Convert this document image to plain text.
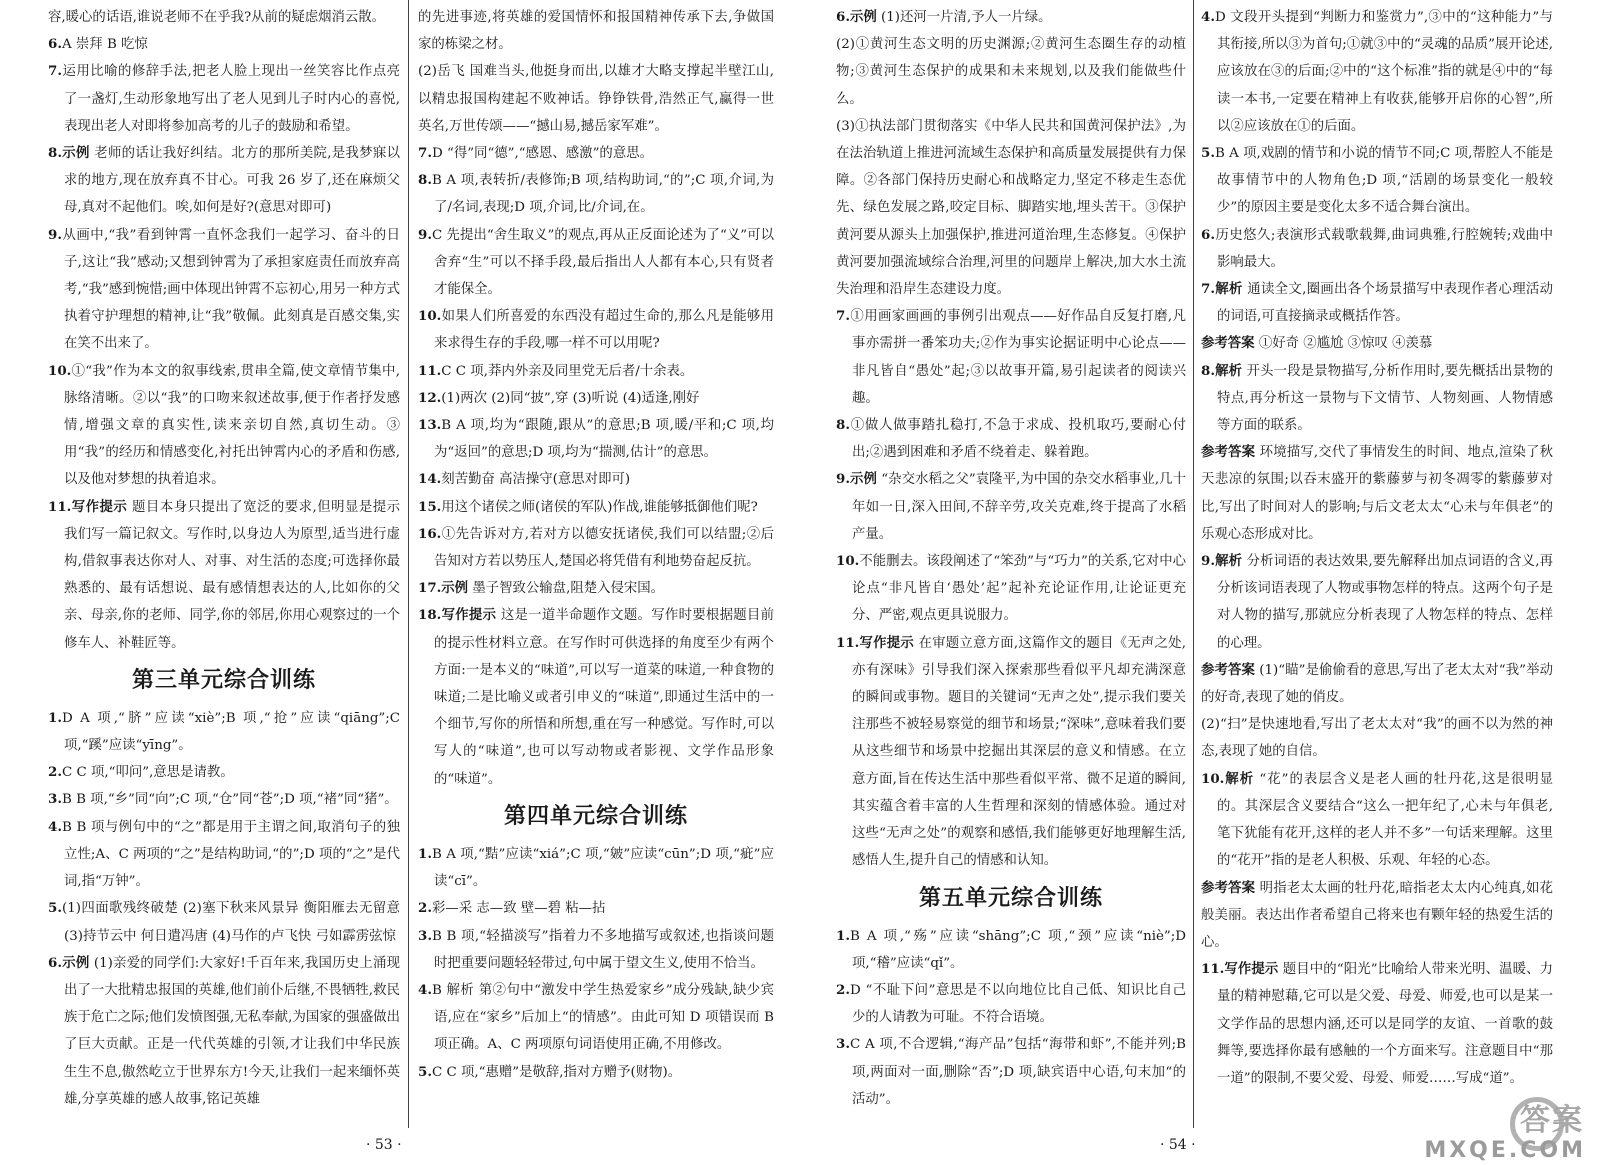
容,暖心的话语,谁说老师不在乎我?从前的疑虑烟消云散。
6.A 崇拜 B 吃惊
7.运用比喻的修辞手法,把老人脸上现出一丝笑容比作点亮了一盏灯,生动形象地写出了老人见到儿子时内心的喜悦,表现出老人对即将参加高考的儿子的鼓励和希望。
8.示例 老师的话让我好纠结。北方的那所美院,是我梦寐以求的地方,现在放弃真不甘心。可我 26 岁了,还在麻烦父母,真对不起他们。唉,如何是好?(意思对即可)
9.从画中,“我”看到钟霄一直怀念我们一起学习、奋斗的日子,这让“我”感动;又想到钟霄为了承担家庭责任而放弃高考,“我”感到惋惜;画中体现出钟霄不忘初心,用另一种方式执着守护理想的精神,让“我”敬佩。此刻真是百感交集,实在笑不出来了。
10.①“我”作为本文的叙事线索,贯串全篇,使文章情节集中,脉络清晰。②以“我”的口吻来叙述故事,便于作者抒发感情,增强文章的真实性,读来亲切自然,真切生动。③用“我”的经历和情感变化,衬托出钟霄内心的矛盾和伤感,以及他对梦想的执着追求。
11.写作提示 题目本身只提出了宽泛的要求,但明显是提示我们写一篇记叙文。写作时,以身边人为原型,适当进行虚构,借叙事表达你对人、对事、对生活的态度;可选择你最熟悉的、最有话想说、最有感情想表达的人,比如你的父亲、母亲,你的老师、同学,你的邻居,你用心观察过的一个修车人、补鞋匠等。
第三单元综合训练
1.D A 项,“脐”应读“xiè”;B 项,“抢”应读“qiāng”;C 项,“蹊”应读“yīng”。
2.C C 项,“叩问”,意思是请教。
3.B B 项,“乡”同“向”;C 项,“仓”同“苍”;D 项,“褚”同“猪”。
4.B B 项与例句中的“之”都是用于主谓之间,取消句子的独立性;A、C 两项的“之”是结构助词,“的”;D 项的“之”是代词,指“万钟”。
5.(1)四面歌残终破楚 (2)塞下秋来风景异 衡阳雁去无留意 (3)持节云中 何日遣冯唐 (4)马作的卢飞快 弓如霹雳弦惊
6.示例 (1)亲爱的同学们:大家好!千百年来,我国历史上涌现出了一大批精忠报国的英雄,他们前仆后继,不畏牺牲,救民族于危亡之际;他们发愤图强,无私奉献,为国家的强盛做出了巨大贡献。正是一代代英雄的引领,才让我们中华民族生生不息,傲然屹立于世界东方!今天,让我们一起来缅怀英雄,分享英雄的感人故事,铭记英雄
的先进事迹,将英雄的爱国情怀和报国精神传承下去,争做国家的栋梁之材。
(2)岳飞 国难当头,他挺身而出,以雄才大略支撑起半壁江山,以精忠报国构建起不败神话。铮铮铁骨,浩然正气,赢得一世英名,万世传颂——“撼山易,撼岳家军难”。
7.D “得”同“德”,“感恩、感激”的意思。
8.B A 项,表转折/表修饰;B 项,结构助词,“的”;C 项,介词,为了/名词,表现;D 项,介词,比/介词,在。
9.C 先提出“舍生取义”的观点,再从正反面论述为了“义”可以舍弃“生”可以不择手段,最后指出人人都有本心,只有贤者才能保全。
10.如果人们所喜爱的东西没有超过生命的,那么凡是能够用来求得生存的手段,哪一样不可以用呢?
11.C C 项,莽内外亲及同里党无后者/十余表。
12.(1)两次 (2)同“披”,穿 (3)听说 (4)适逢,刚好
13.B A 项,均为“跟随,跟从”的意思;B 项,暖/平和;C 项,均为“返回”的意思;D 项,均为“揣测,估计”的意思。
14.刻苦勤奋 高洁操守(意思对即可)
15.用这个诸侯之师(诸侯的军队)作战,谁能够抵御他们呢?
16.①先告诉对方,若对方以德安抚诸侯,我们可以结盟;②后告知对方若以势压人,楚国必将凭借有利地势奋起反抗。
17.示例 墨子智致公输盘,阻楚入侵宋国。
18.写作提示 这是一道半命题作文题。写作时要根据题目前的提示性材料立意。在写作时可供选择的角度至少有两个方面:一是本义的“味道”,可以写一道菜的味道,一种食物的味道;二是比喻义或者引申义的“味道”,即通过生活中的一个细节,写你的所悟和所想,重在写一种感觉。写作时,可以写人的“味道”,也可以写动物或者影视、文学作品形象的“味道”。
第四单元综合训练
1.B A 项,“黠”应读“xiá”;C 项,“皴”应读“cūn”;D 项,“疵”应读“cī”。
2.彩—采 志—致 壁—碧 粘—拈
3.B B 项,“轻描淡写”指着力不多地描写或叙述,也指谈问题时把重要问题轻轻带过,句中属于望文生义,使用不恰当。
4.B 解析 第②句中“激发中学生热爱家乡”成分残缺,缺少宾语,应在“家乡”后加上“的情感”。由此可知 D 项错误而 B 项正确。A、C 两项原句词语使用正确,不用修改。
5.C C 项,“惠赠”是敬辞,指对方赠予(财物)。
6.示例 (1)还河一片清,予人一片绿。
(2)①黄河生态文明的历史渊源;②黄河生态圈生存的动植物;③黄河生态保护的成果和未来规划,以及我们能做些什么。
(3)①执法部门贯彻落实《中华人民共和国黄河保护法》,为在法治轨道上推进河流域生态保护和高质量发展提供有力保障。②各部门保持历史耐心和战略定力,坚定不移走生态优先、绿色发展之路,咬定目标、脚踏实地,埋头苦干。③保护黄河要从源头上加强保护,推进河道治理,生态修复。④保护黄河要加强流域综合治理,河里的问题岸上解决,加大水土流失治理和沿岸生态建设力度。
7.①用画家画画的事例引出观点——好作品自反复打磨,凡事亦需拼一番笨功夫;②作为事实论据证明中心论点——非凡皆自“愚处”起;③以故事开篇,易引起读者的阅读兴趣。
8.①做人做事踏扎稳打,不急于求成、投机取巧,要耐心付出;②遇到困难和矛盾不绕着走、躲着跑。
9.示例 “杂交水稻之父”袁隆平,为中国的杂交水稻事业,几十年如一日,深入田间,不辞辛劳,攻关克难,终于提高了水稻产量。
10.不能删去。该段阐述了“笨劲”与“巧力”的关系,它对中心论点“非凡皆自‘愚处’起”起补充论证作用,让论证更充分、严密,观点更具说服力。
11.写作提示 在审题立意方面,这篇作文的题目《无声之处,亦有深味》引导我们深入探索那些看似平凡却充满深意的瞬间或事物。题目的关键词“无声之处”,提示我们要关注那些不被轻易察觉的细节和场景;“深味”,意味着我们要从这些细节和场景中挖掘出其深层的意义和情感。在立意方面,旨在传达生活中那些看似平常、微不足道的瞬间,其实蕴含着丰富的人生哲理和深刻的情感体验。通过对这些“无声之处”的观察和感悟,我们能够更好地理解生活,感悟人生,提升自己的情感和认知。
第五单元综合训练
1.B A 项,“殇”应读“shāng”;C 项,“颈”应读“niè”;D 项,“稽”应读“qǐ”。
2.D “不耻下问”意思是不以向地位比自己低、知识比自己少的人请教为可耻。不符合语境。
3.C A 项,不合逻辑,“海产品”包括“海带和虾”,不能并列;B 项,两面对一面,删除“否”;D 项,缺宾语中心语,句末加“的活动”。
4.D 文段开头提到“判断力和鉴赏力”,③中的“这种能力”与其衔接,所以③为首句;①就③中的“灵魂的品质”展开论述,应该放在③的后面;②中的“这个标准”指的就是④中的“每读一本书,一定要在精神上有收获,能够开启你的心智”,所以②应该放在①的后面。
5.B A 项,戏剧的情节和小说的情节不同;C 项,帮腔人不能是故事情节中的人物角色;D 项,“活剧的场景变化一般较少”的原因主要是变化太多不适合舞台演出。
6.历史悠久;表演形式载歌载舞,曲词典雅,行腔婉转;戏曲中影响最大。
7.解析 通读全文,圈画出各个场景描写中表现作者心理活动的词语,可直接摘录或概括作答。
参考答案 ①好奇 ②尴尬 ③惊叹 ④羡慕
8.解析 开头一段是景物描写,分析作用时,要先概括出景物的特点,再分析这一景物与下文情节、人物刻画、人物情感等方面的联系。
参考答案 环境描写,交代了事情发生的时间、地点,渲染了秋天悲凉的氛围;以吞末盛开的紫藤萝与初冬凋零的紫藤萝对比,写出了时间对人的影响;与后文老太太“心未与年俱老”的乐观心态形成对比。
9.解析 分析词语的表达效果,要先解释出加点词语的含义,再分析该词语表现了人物或事物怎样的特点。这两个句子是对人物的描写,那就应分析表现了人物怎样的特点、怎样的心理。
参考答案 (1)“瞄”是偷偷看的意思,写出了老太太对“我”举动的好奇,表现了她的俏皮。
(2)“扫”是快速地看,写出了老太太对“我”的画不以为然的神态,表现了她的自信。
10.解析 “花”的表层含义是老人画的牡丹花,这是很明显的。其深层含义要结合“这么一把年纪了,心未与年俱老,笔下犹能有花开,这样的老人并不多”一句话来理解。这里的“花开”指的是老人积极、乐观、年轻的心态。
参考答案 明指老太太画的牡丹花,暗指老太太内心纯真,如花般美丽。表达出作者希望自己将来也有颗年轻的热爱生活的心。
11.写作提示 题目中的“阳光”比喻给人带来光明、温暖、力量的精神慰藉,它可以是父爱、母爱、师爱,也可以是某一文学作品的思想内涵,还可以是同学的友谊、一首歌的鼓舞等,要选择你最有感触的一个方面来写。注意题目中“那一道”的限制,不要父爱、母爱、师爱……写成“道”。
· 53 ·	· 54 ·
答案
MXQE.COM
